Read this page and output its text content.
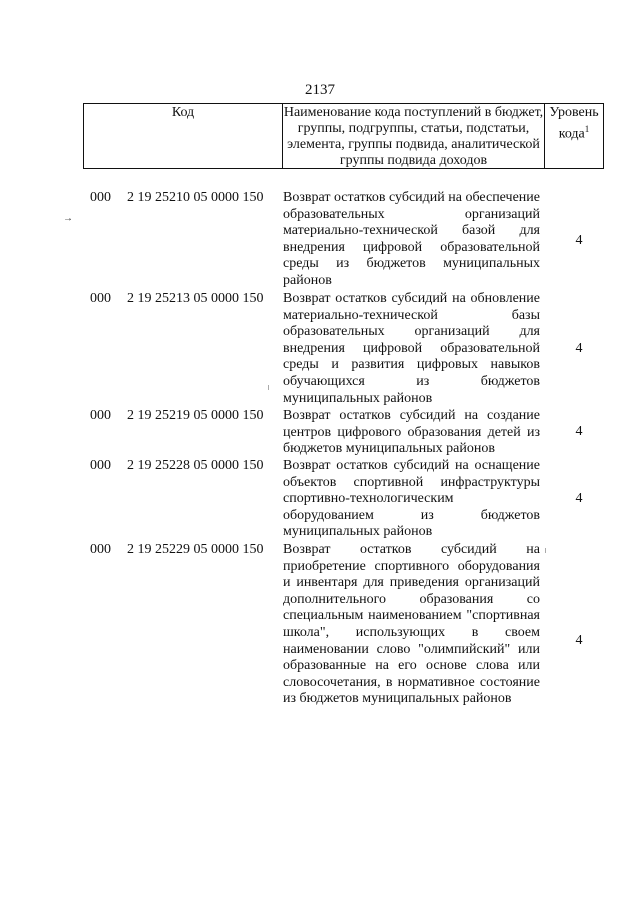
2137
Код	Наименование кода поступлений в бюджет, группы, подгруппы, статьи, подстатьи, элемента, группы подвида, аналитической группы подвида доходов
Уровень кода$^1$
→
000 2 19 25210 05 0000 150 Возврат остатков субсидий на обеспечение образовательных организаций материально-технической базой для внедрения цифровой образовательной среды из бюджетов муниципальных районов
4
000 2 19 25213 05 0000 150 Возврат остатков субсидий на обновление материально-технической базы образовательных организаций для внедрения цифровой образовательной среды и развития цифровых навыков обучающихся из бюджетов муниципальных районов
4
000 2 19 25219 05 0000 150 Возврат остатков субсидий на создание центров цифрового образования детей из бюджетов муниципальных районов
4
000 2 19 25228 05 0000 150 Возврат остатков субсидий на оснащение объектов спортивной инфраструктуры спортивно-технологическим оборудованием из бюджетов муниципальных районов
4
000 2 19 25229 05 0000 150 Возврат остатков субсидий на приобретение спортивного оборудования и инвентаря для приведения организаций дополнительного образования со специальным наименованием "спортивная школа", использующих в своем наименовании слово "олимпийский" или образованные на его основе слова или словосочетания, в нормативное состояние из бюджетов муниципальных районов
4
